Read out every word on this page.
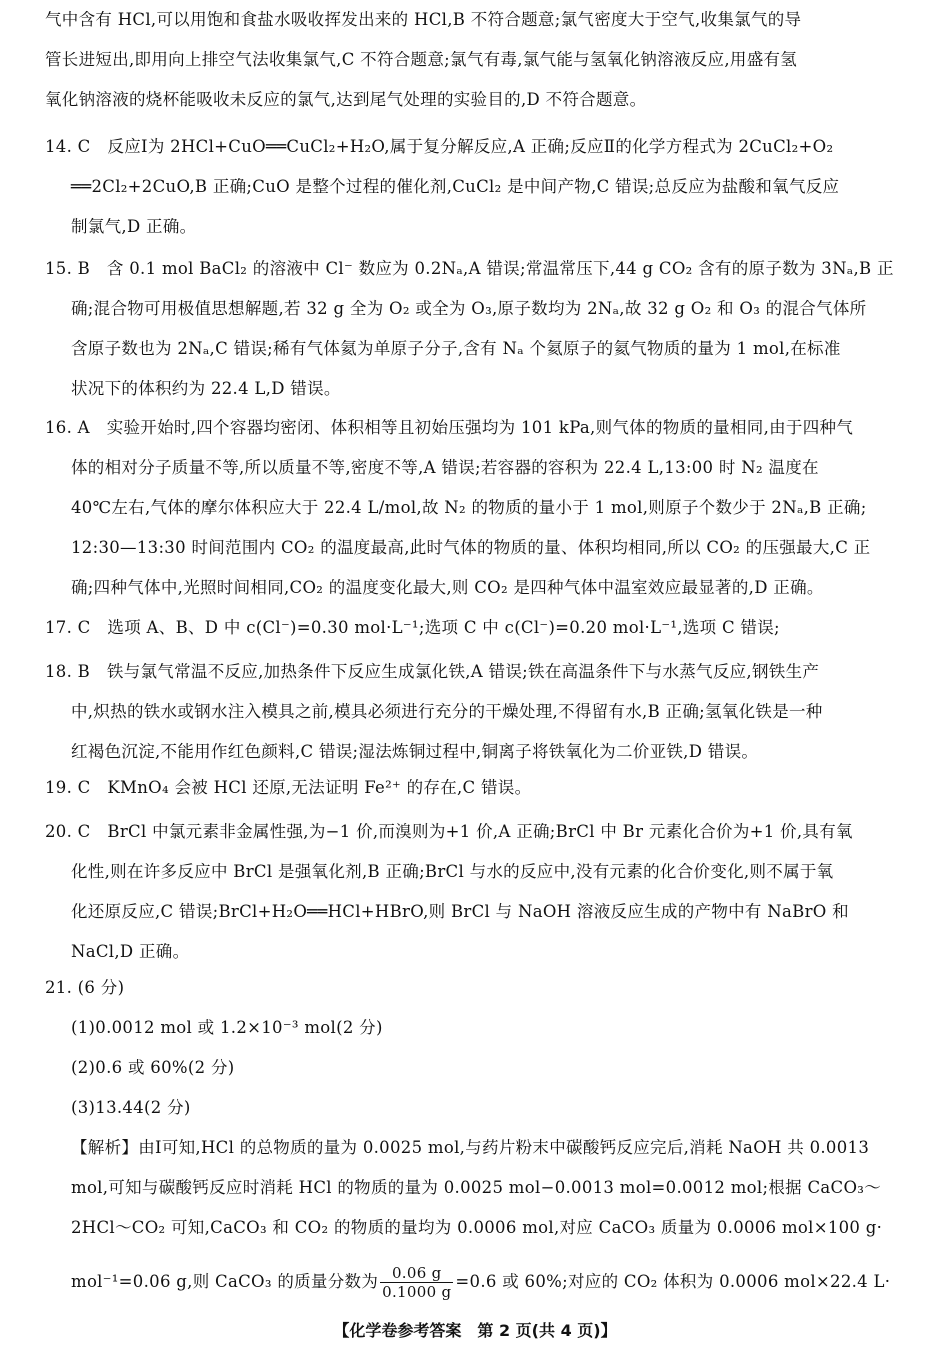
气中含有 HCl,可以用饱和食盐水吸收挥发出来的 HCl,B 不符合题意;氯气密度大于空气,收集氯气的导
管长进短出,即用向上排空气法收集氯气,C 不符合题意;氯气有毒,氯气能与氢氧化钠溶液反应,用盛有氢
氧化钠溶液的烧杯能吸收未反应的氯气,达到尾气处理的实验目的,D 不符合题意。
14. C　反应Ⅰ为 2HCl+CuO══CuCl₂+H₂O,属于复分解反应,A 正确;反应Ⅱ的化学方程式为 2CuCl₂+O₂
══2Cl₂+2CuO,B 正确;CuO 是整个过程的催化剂,CuCl₂ 是中间产物,C 错误;总反应为盐酸和氧气反应
制氯气,D 正确。
15. B　含 0.1 mol BaCl₂ 的溶液中 Cl⁻ 数应为 0.2Nₐ,A 错误;常温常压下,44 g CO₂ 含有的原子数为 3Nₐ,B 正
确;混合物可用极值思想解题,若 32 g 全为 O₂ 或全为 O₃,原子数均为 2Nₐ,故 32 g O₂ 和 O₃ 的混合气体所
含原子数也为 2Nₐ,C 错误;稀有气体氦为单原子分子,含有 Nₐ 个氦原子的氦气物质的量为 1 mol,在标准
状况下的体积约为 22.4 L,D 错误。
16. A　实验开始时,四个容器均密闭、体积相等且初始压强均为 101 kPa,则气体的物质的量相同,由于四种气
体的相对分子质量不等,所以质量不等,密度不等,A 错误;若容器的容积为 22.4 L,13:00 时 N₂ 温度在
40℃左右,气体的摩尔体积应大于 22.4 L/mol,故 N₂ 的物质的量小于 1 mol,则原子个数少于 2Nₐ,B 正确;
12:30—13:30 时间范围内 CO₂ 的温度最高,此时气体的物质的量、体积均相同,所以 CO₂ 的压强最大,C 正
确;四种气体中,光照时间相同,CO₂ 的温度变化最大,则 CO₂ 是四种气体中温室效应最显著的,D 正确。
17. C　选项 A、B、D 中 c(Cl⁻)=0.30 mol·L⁻¹;选项 C 中 c(Cl⁻)=0.20 mol·L⁻¹,选项 C 错误;
18. B　铁与氯气常温不反应,加热条件下反应生成氯化铁,A 错误;铁在高温条件下与水蒸气反应,钢铁生产
中,炽热的铁水或钢水注入模具之前,模具必须进行充分的干燥处理,不得留有水,B 正确;氢氧化铁是一种
红褐色沉淀,不能用作红色颜料,C 错误;湿法炼铜过程中,铜离子将铁氧化为二价亚铁,D 错误。
19. C　KMnO₄ 会被 HCl 还原,无法证明 Fe²⁺ 的存在,C 错误。
20. C　BrCl 中氯元素非金属性强,为−1 价,而溴则为+1 价,A 正确;BrCl 中 Br 元素化合价为+1 价,具有氧
化性,则在许多反应中 BrCl 是强氧化剂,B 正确;BrCl 与水的反应中,没有元素的化合价变化,则不属于氧
化还原反应,C 错误;BrCl+H₂O══HCl+HBrO,则 BrCl 与 NaOH 溶液反应生成的产物中有 NaBrO 和
NaCl,D 正确。
21. (6 分)
(1)0.0012 mol 或 1.2×10⁻³ mol(2 分)
(2)0.6 或 60%(2 分)
(3)13.44(2 分)
【解析】由Ⅰ可知,HCl 的总物质的量为 0.0025 mol,与药片粉末中碳酸钙反应完后,消耗 NaOH 共 0.0013
mol,可知与碳酸钙反应时消耗 HCl 的物质的量为 0.0025 mol−0.0013 mol=0.0012 mol;根据 CaCO₃～
2HCl～CO₂ 可知,CaCO₃ 和 CO₂ 的物质的量均为 0.0006 mol,对应 CaCO₃ 质量为 0.0006 mol×100 g·
mol⁻¹=0.06 g,则 CaCO₃ 的质量分数为 $\frac{0.06 g}{0.1000 g} =0.6$ 或 60%;对应的 CO₂ 体积为 0.0006 mol×22.4 L·
【化学卷参考答案　第 2 页(共 4 页)】
